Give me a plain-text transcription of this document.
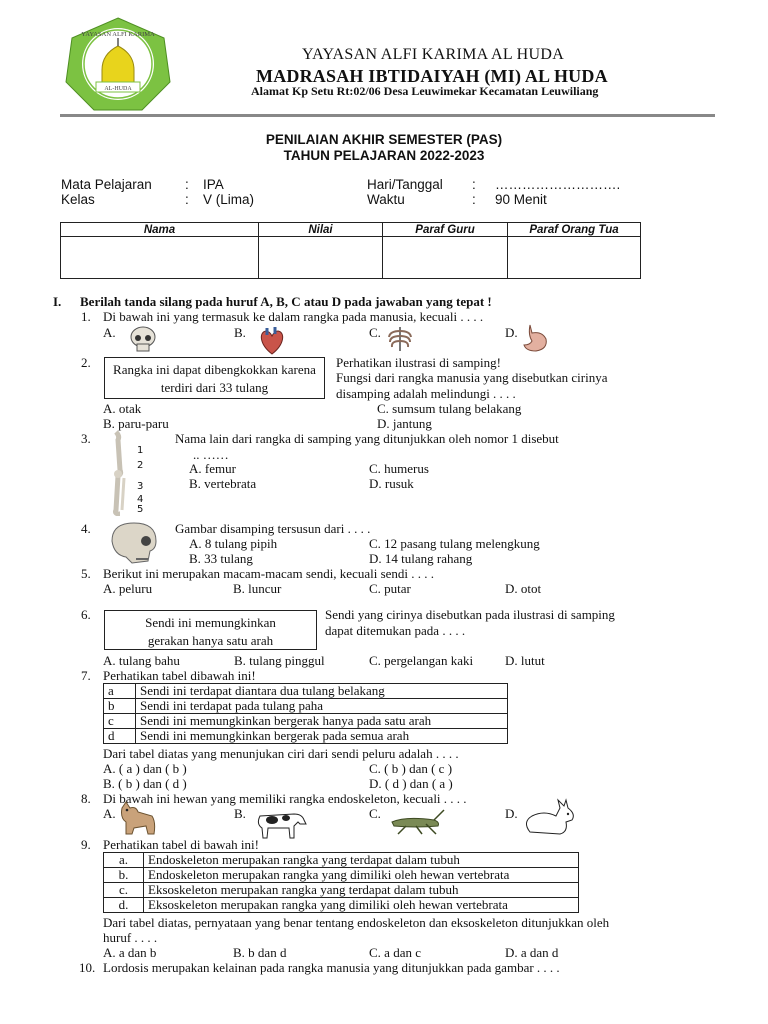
AL-HUDA
YAYASAN ALFI KARIMA
YAYASAN ALFI KARIMA AL HUDA
MADRASAH IBTIDAIYAH (MI) AL HUDA
Alamat Kp Setu Rt:02/06 Desa Leuwimekar Kecamatan Leuwiliang
PENILAIAN AKHIR SEMESTER (PAS)
TAHUN PELAJARAN 2022-2023
Mata Pelajaran : IPA
Kelas	: V (Lima)
Hari/Tanggal : ……………………….
Waktu	: 90 Menit
Nama	Nilai	Paraf Guru	Paraf Orang Tua

I. Berilah tanda silang pada huruf A, B, C atau D pada jawaban yang tepat !
1. Di bawah ini yang termasuk ke dalam rangka pada manusia, kecuali . . . .
A.	B.	C.	D.
2.	Rangka ini dapat dibengkokkan karena terdiri dari 33 tulang
Perhatikan ilustrasi di samping!
Fungsi dari rangka manusia yang disebutkan cirinya
disamping adalah melindungi . . . .
A. otak	C. sumsum tulang belakang
B. paru-paru	D. jantung
3.
1
2
3
4
5
Nama lain dari rangka di samping yang ditunjukkan oleh nomor 1 disebut
.. ……
A. femur	C. humerus
B. vertebrata	D. rusuk
4.	Gambar disamping tersusun dari . . . .
A. 8 tulang pipih	C. 12 pasang tulang melengkung
B. 33 tulang	D. 14 tulang rahang
5. Berikut ini merupakan macam-macam sendi, kecuali sendi . . . .
A. peluru	B. luncur	C. putar	D. otot
6.
Sendi ini memungkinkan gerakan hanya satu arah
Sendi yang cirinya disebutkan pada ilustrasi di samping
dapat ditemukan pada . . . .
A. tulang bahu	B. tulang pinggul	C. pergelangan kaki D. lutut
7. Perhatikan tabel dibawah ini!
a	Sendi ini terdapat diantara dua tulang belakang
b	Sendi ini terdapat pada tulang paha
c	Sendi ini memungkinkan bergerak hanya pada satu arah
d	Sendi ini memungkinkan bergerak pada semua arah
Dari tabel diatas yang menunjukan ciri dari sendi peluru adalah . . . .
A. ( a ) dan ( b )	C. ( b ) dan ( c )
B. ( b ) dan ( d )	D. ( d ) dan ( a )
8. Di bawah ini hewan yang memiliki rangka endoskeleton, kecuali . . . .
A.	B.	C.	D.
9. Perhatikan tabel di bawah ini!
a.	Endoskeleton merupakan rangka yang terdapat dalam tubuh
b.	Endoskeleton merupakan rangka yang dimiliki oleh hewan vertebrata
c.	Eksoskeleton merupakan rangka yang terdapat dalam tubuh
d.	Eksoskeleton merupakan rangka yang dimiliki oleh hewan vertebrata
Dari tabel diatas, pernyataan yang benar tentang endoskeleton dan eksoskeleton ditunjukkan oleh
huruf . . . .
A. a dan b	B. b dan d	C. a dan c	D. a dan d
10. Lordosis merupakan kelainan pada rangka manusia yang ditunjukkan pada gambar . . . .
